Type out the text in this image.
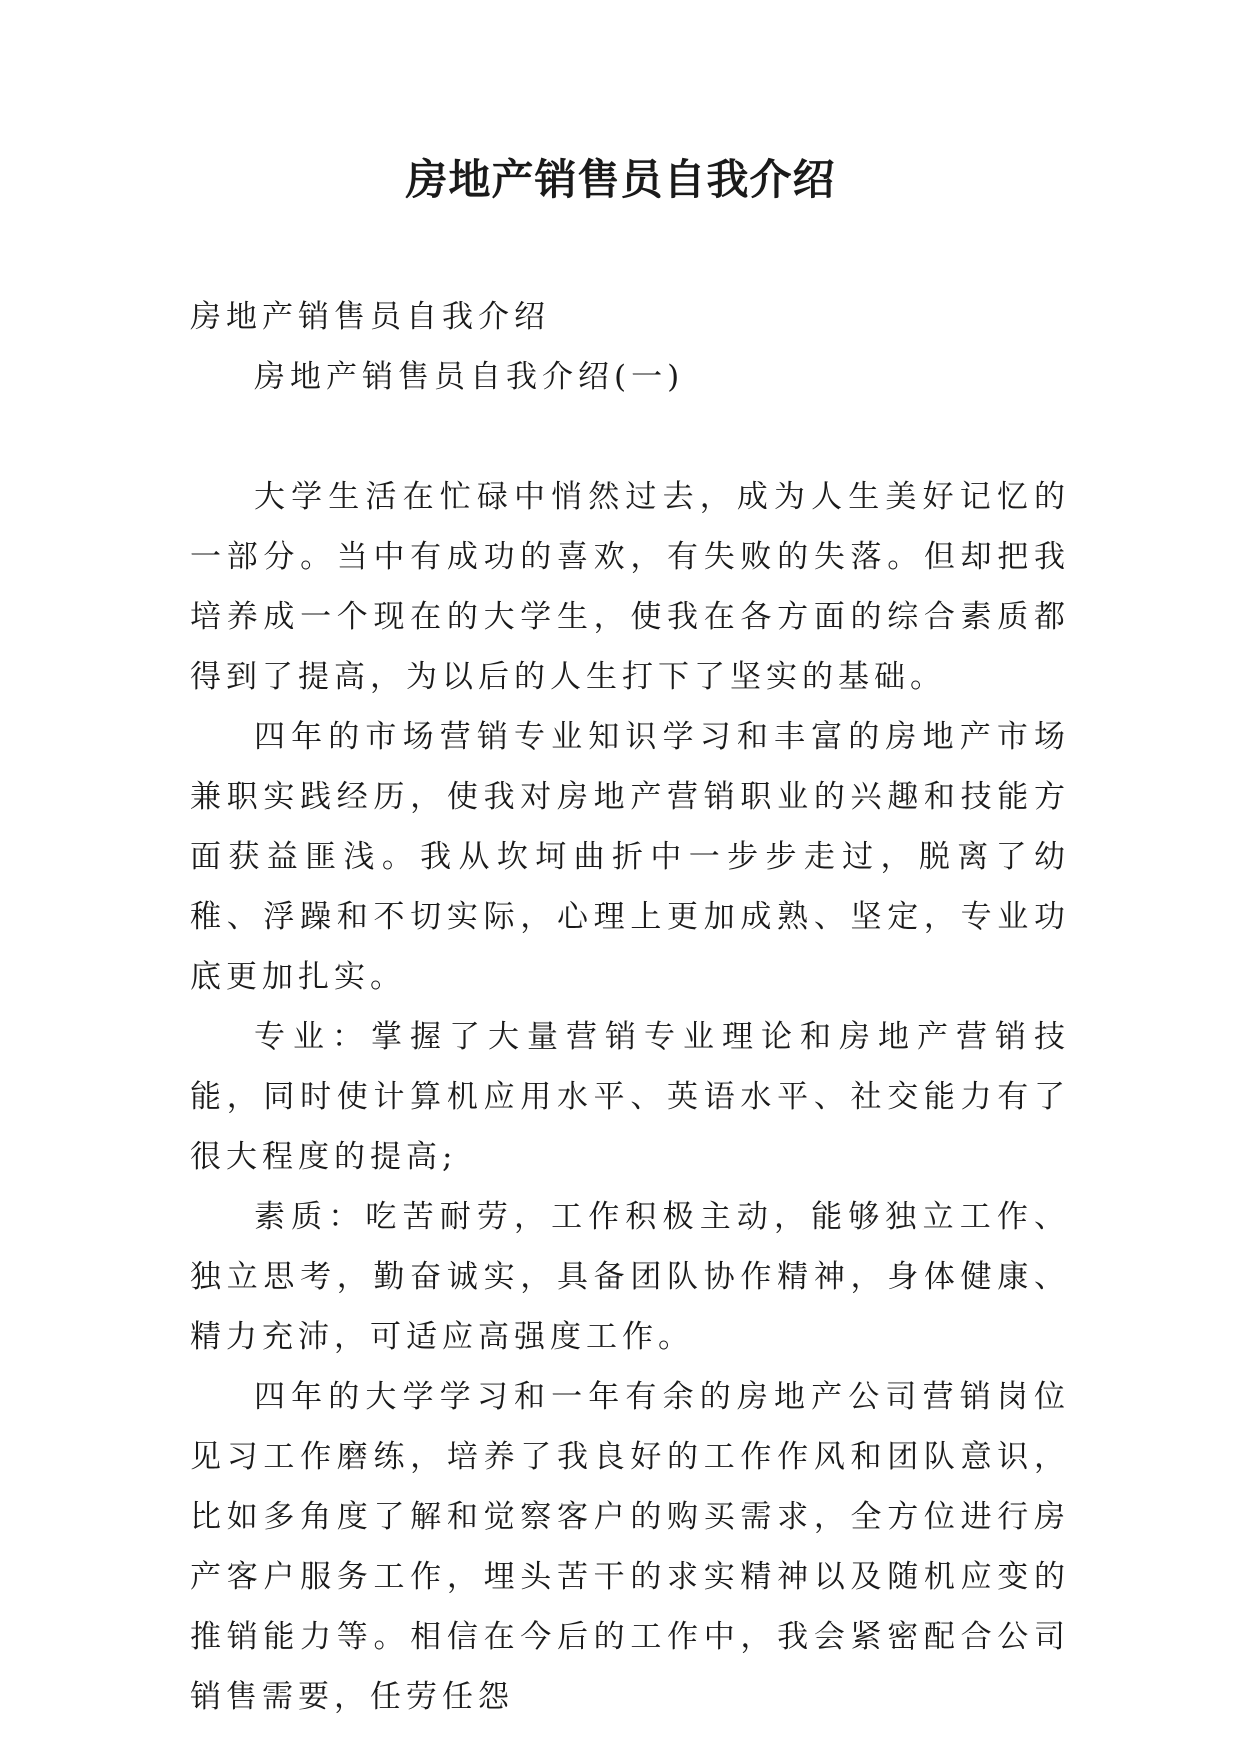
房地产销售员自我介绍

房地产销售员自我介绍

房地产销售员自我介绍(一)

大学生活在忙碌中悄然过去，成为人生美好记忆的一部分。当中有成功的喜欢，有失败的失落。但却把我培养成一个现在的大学生，使我在各方面的综合素质都得到了提高，为以后的人生打下了坚实的基础。

四年的市场营销专业知识学习和丰富的房地产市场兼职实践经历，使我对房地产营销职业的兴趣和技能方面获益匪浅。我从坎坷曲折中一步步走过，脱离了幼稚、浮躁和不切实际，心理上更加成熟、坚定，专业功底更加扎实。

专业：掌握了大量营销专业理论和房地产营销技能，同时使计算机应用水平、英语水平、社交能力有了很大程度的提高;

素质：吃苦耐劳，工作积极主动，能够独立工作、独立思考，勤奋诚实，具备团队协作精神，身体健康、精力充沛，可适应高强度工作。

四年的大学学习和一年有余的房地产公司营销岗位见习工作磨练，培养了我良好的工作作风和团队意识，比如多角度了解和觉察客户的购买需求，全方位进行房产客户服务工作，埋头苦干的求实精神以及随机应变的推销能力等。相信在今后的工作中，我会紧密配合公司销售需要，任劳任怨
